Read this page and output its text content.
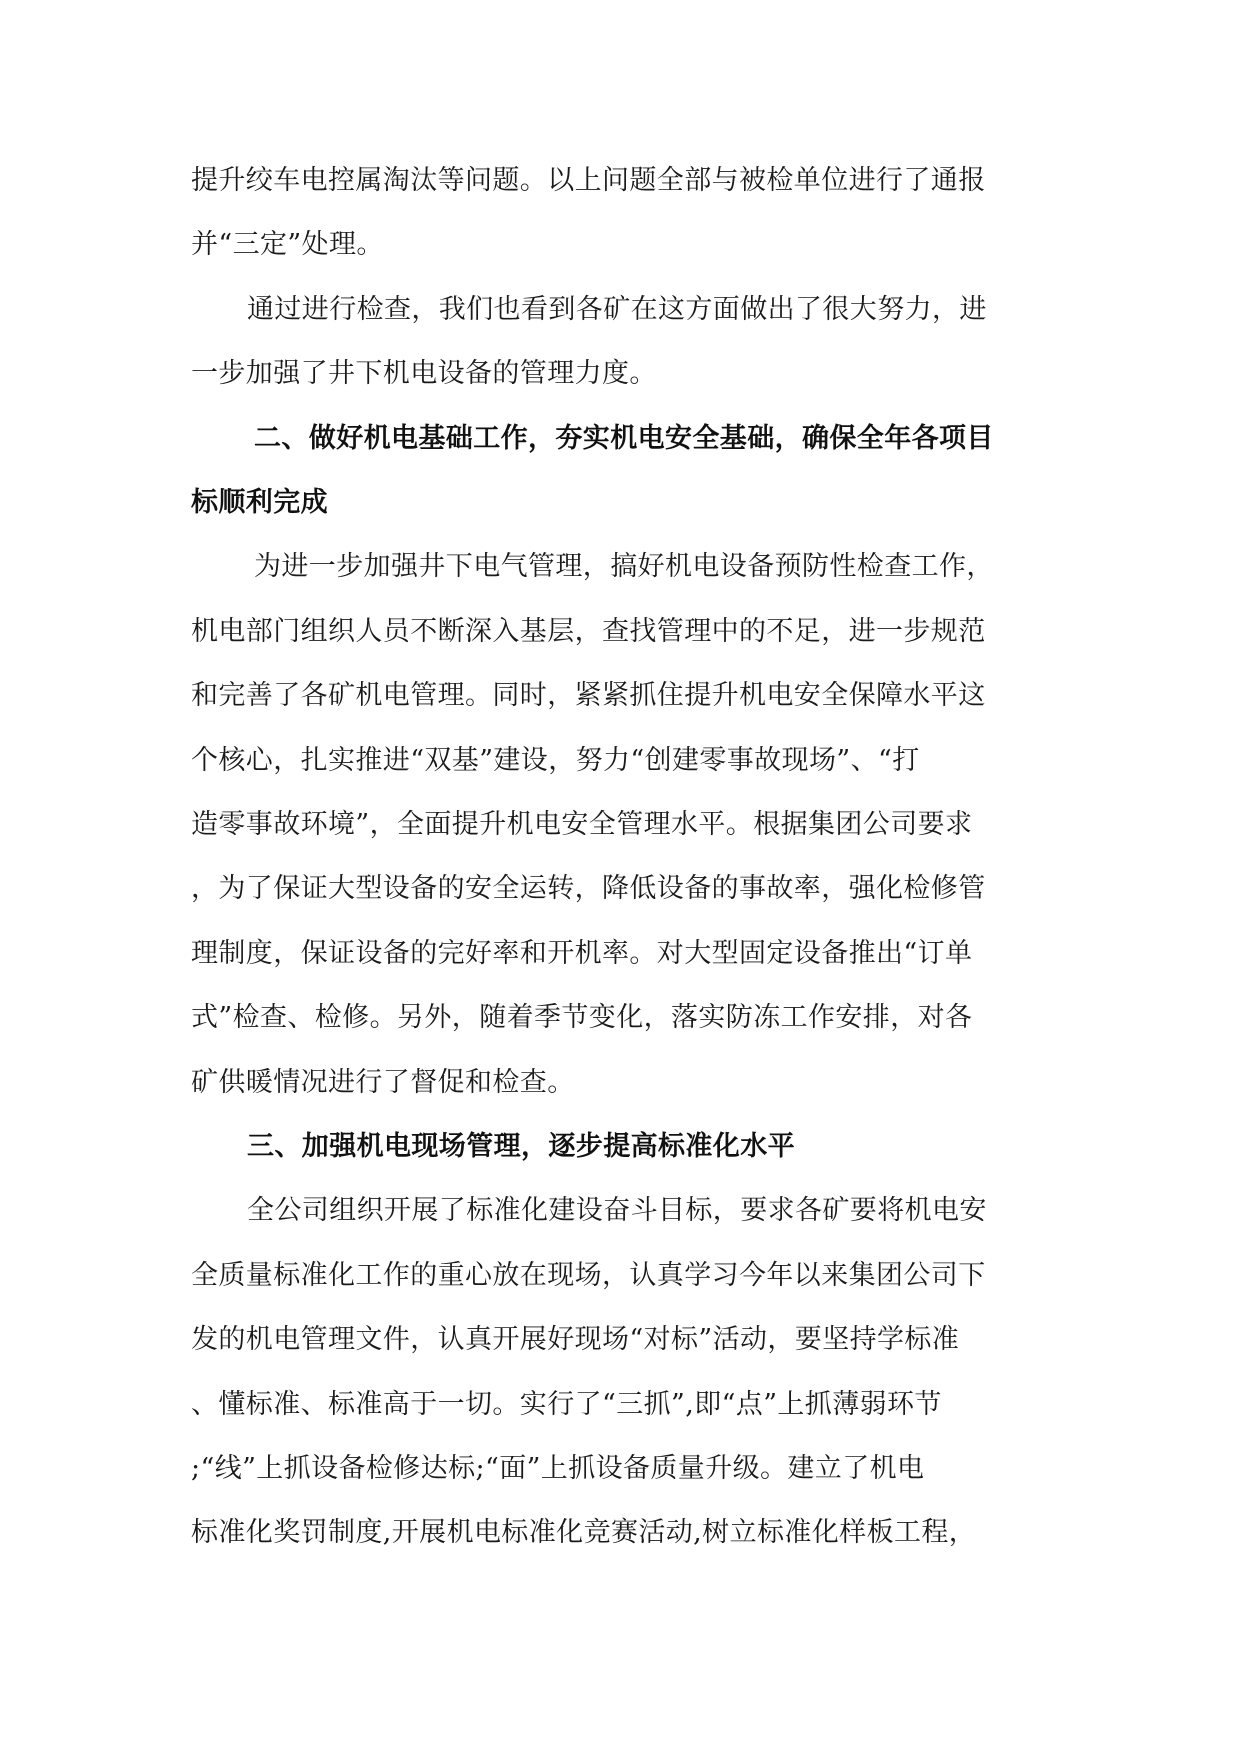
提升绞车电控属淘汰等问题。以上问题全部与被检单位进行了通报
并“三定”处理。
通过进行检查，我们也看到各矿在这方面做出了很大努力，进
一步加强了井下机电设备的管理力度。
二、做好机电基础工作，夯实机电安全基础，确保全年各项目
标顺利完成
为进一步加强井下电气管理，搞好机电设备预防性检查工作，
机电部门组织人员不断深入基层，查找管理中的不足，进一步规范
和完善了各矿机电管理。同时，紧紧抓住提升机电安全保障水平这
个核心，扎实推进“双基”建设，努力“创建零事故现场”、“打
造零事故环境”，全面提升机电安全管理水平。根据集团公司要求
，为了保证大型设备的安全运转，降低设备的事故率，强化检修管
理制度，保证设备的完好率和开机率。对大型固定设备推出“订单
式”检查、检修。另外，随着季节变化，落实防冻工作安排，对各
矿供暖情况进行了督促和检查。
三、加强机电现场管理，逐步提高标准化水平
全公司组织开展了标准化建设奋斗目标，要求各矿要将机电安
全质量标准化工作的重心放在现场，认真学习今年以来集团公司下
发的机电管理文件，认真开展好现场“对标”活动，要坚持学标准
、懂标准、标准高于一切。实行了“三抓”,即“点”上抓薄弱环节
;“线”上抓设备检修达标;“面”上抓设备质量升级。建立了机电
标准化奖罚制度,开展机电标准化竞赛活动,树立标准化样板工程，
